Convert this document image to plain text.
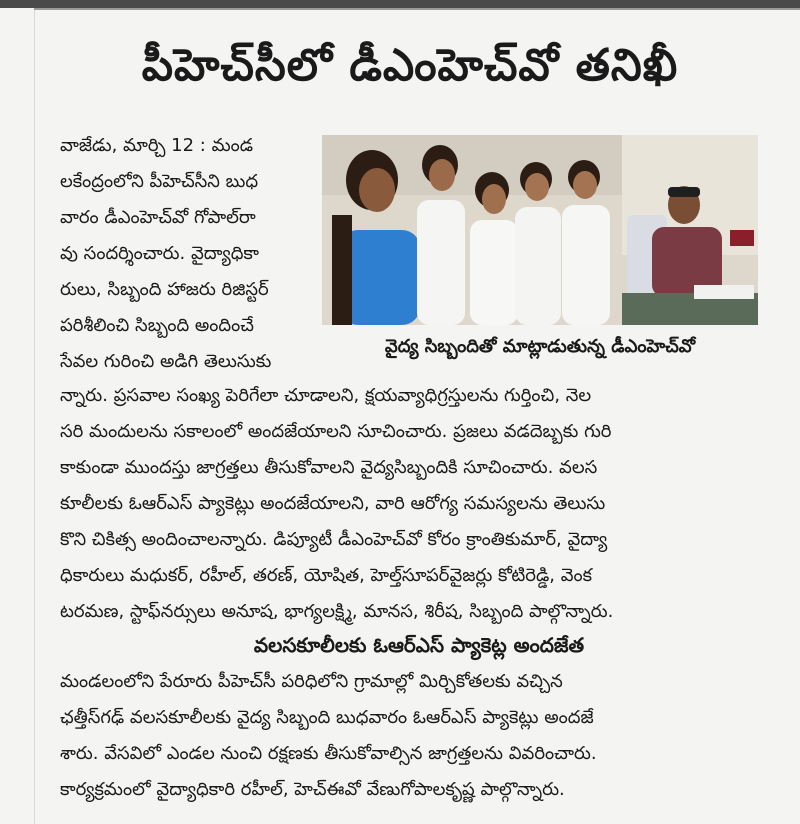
పీహెచ్‌సీలో డీఎంహెచ్‌వో తనిఖీ
వాజేడు, మార్చి 12 : మండ
లకేంద్రంలోని పీహెచ్‌సీని బుధ
వారం డీఎంహెచ్‌వో గోపాల్‌రా
వు సందర్శించారు. వైద్యాధికా
రులు, సిబ్బంది హాజరు రిజిస్టర్
పరిశీలించి సిబ్బంది అందించే
సేవల గురించి అడిగి తెలుసుకు
వైద్య సిబ్బందితో మాట్లాడుతున్న డీఎంహెచ్‌వో
న్నారు. ప్రసవాల సంఖ్య పెరిగేలా చూడాలని, క్షయవ్యాధిగ్రస్తులను గుర్తించి, నెల
సరి మందులను సకాలంలో అందజేయాలని సూచించారు. ప్రజలు వడదెబ్బకు గురి
కాకుండా ముందస్తు జాగ్రత్తలు తీసుకోవాలని వైద్యసిబ్బందికి సూచించారు. వలస
కూలీలకు ఓఆర్‌ఎస్ ప్యాకెట్లు అందజేయాలని, వారి ఆరోగ్య సమస్యలను తెలుసు
కొని చికిత్స అందించాలన్నారు. డిప్యూటీ డీఎంహెచ్‌వో కోరం క్రాంతికుమార్, వైద్యా
ధికారులు మధుకర్, రహీల్, తరణ్, యోషిత, హెల్త్‌సూపర్‌వైజర్లు కోటిరెడ్డి, వెంక
టరమణ, స్టాఫ్‌నర్సులు అనూష, భాగ్యలక్ష్మి, మానస, శిరీష, సిబ్బంది పాల్గొన్నారు.
వలసకూలీలకు ఓఆర్‌ఎస్ ప్యాకెట్ల అందజేత
మండలంలోని పేరూరు పీహెచ్‌సీ పరిధిలోని గ్రామాల్లో మిర్చికోతలకు వచ్చిన
ఛత్తీస్‌గఢ్ వలసకూలీలకు వైద్య సిబ్బంది బుధవారం ఓఆర్‌ఎస్ ప్యాకెట్లు అందజే
శారు. వేసవిలో ఎండల నుంచి రక్షణకు తీసుకోవాల్సిన జాగ్రత్తలను వివరించారు.
కార్యక్రమంలో వైద్యాధికారి రహీల్, హెచ్ఈవో వేణుగోపాలకృష్ణ పాల్గొన్నారు.
